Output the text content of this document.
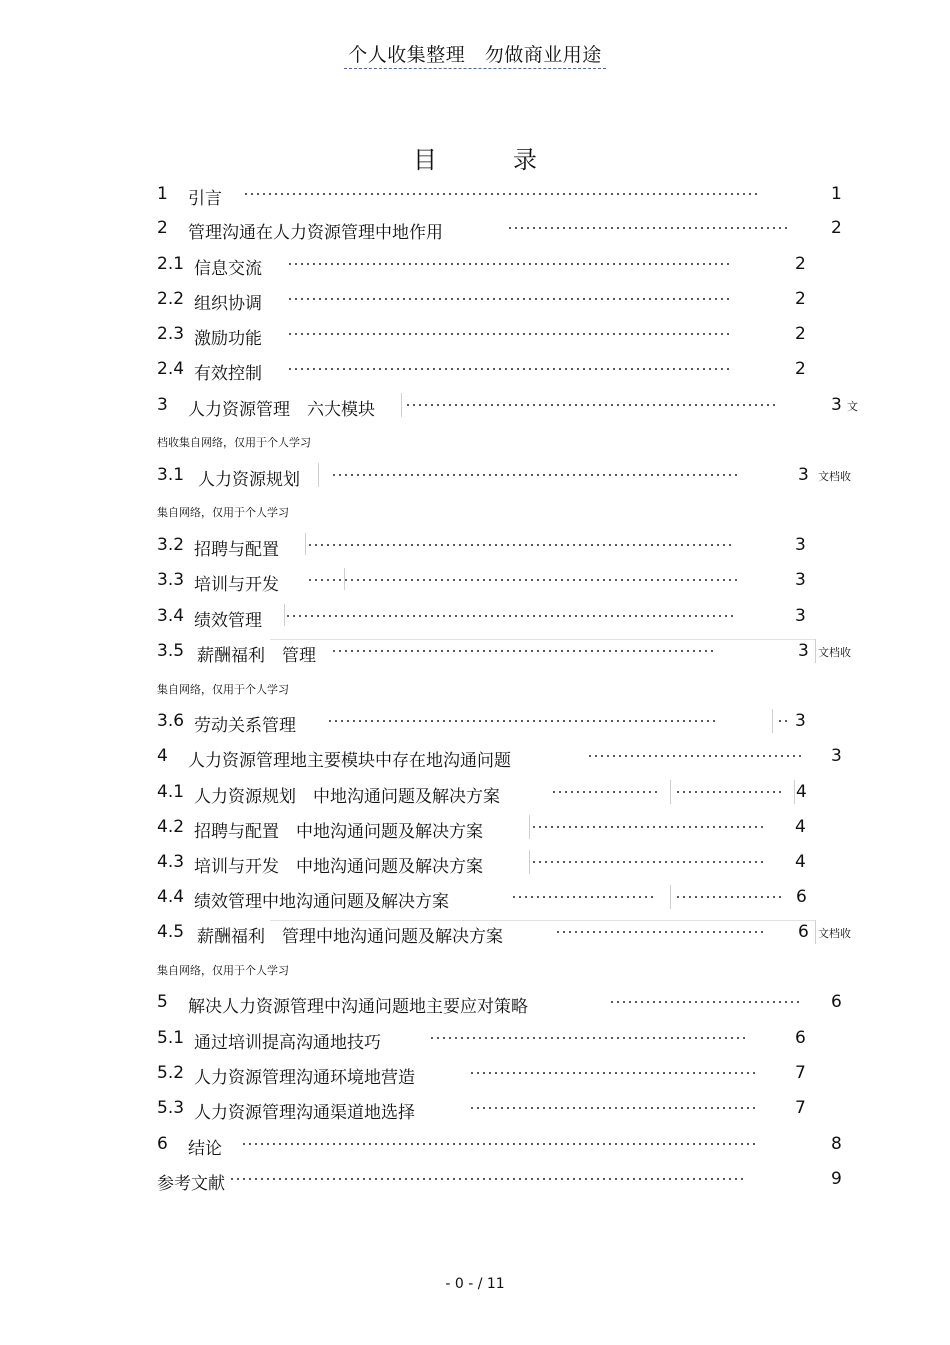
个人收集整理　勿做商业用途
目　录
1 引言	1
2 管理沟通在人力资源管理中地作用	2
2.1 信息交流	2
2.2 组织协调	2
2.3 激励功能	2
2.4 有效控制	2
3 人力资源管理　六大模块	3 文
档收集自网络，仅用于个人学习
3.1 人力资源规划	3 文档收
集自网络，仅用于个人学习
3.2 招聘与配置	3
3.3 培训与开发	3
3.4 绩效管理	3
3.5 薪酬福利　管理	3 文档收
集自网络，仅用于个人学习
3.6 劳动关系管理	3
4 人力资源管理地主要模块中存在地沟通问题	3
4.1 人力资源规划　中地沟通问题及解决方案	4
4.2 招聘与配置　中地沟通问题及解决方案	4
4.3 培训与开发　中地沟通问题及解决方案	4
4.4 绩效管理中地沟通问题及解决方案	6
4.5 薪酬福利　管理中地沟通问题及解决方案	6 文档收
集自网络，仅用于个人学习
5 解决人力资源管理中沟通问题地主要应对策略	6
5.1 通过培训提高沟通地技巧	6
5.2 人力资源管理沟通环境地营造	7
5.3 人力资源管理沟通渠道地选择	7
6 结论	8
参考文献	9
- 0 - / 11
